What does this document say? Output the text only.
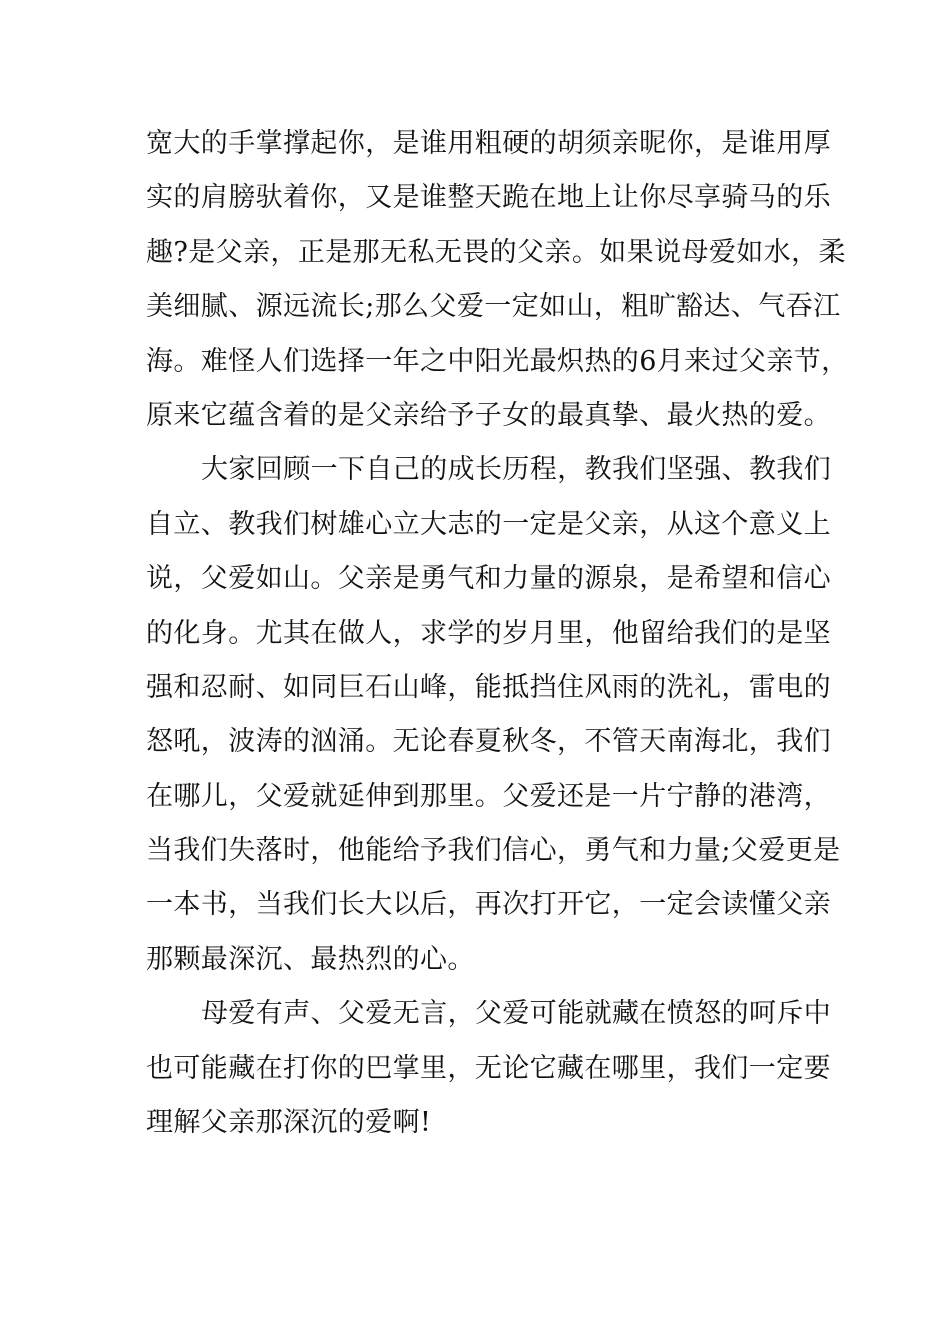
宽大的手掌撑起你，是谁用粗硬的胡须亲昵你，是谁用厚
实的肩膀驮着你，又是谁整天跪在地上让你尽享骑马的乐
趣?是父亲，正是那无私无畏的父亲。如果说母爱如水，柔
美细腻、源远流长;那么父爱一定如山，粗旷豁达、气吞江
海。难怪人们选择一年之中阳光最炽热的6月来过父亲节，
原来它蕴含着的是父亲给予子女的最真挚、最火热的爱。
大家回顾一下自己的成长历程，教我们坚强、教我们
自立、教我们树雄心立大志的一定是父亲，从这个意义上
说，父爱如山。父亲是勇气和力量的源泉，是希望和信心
的化身。尤其在做人，求学的岁月里，他留给我们的是坚
强和忍耐、如同巨石山峰，能抵挡住风雨的洗礼，雷电的
怒吼，波涛的汹涌。无论春夏秋冬，不管天南海北，我们
在哪儿，父爱就延伸到那里。父爱还是一片宁静的港湾，
当我们失落时，他能给予我们信心，勇气和力量;父爱更是
一本书，当我们长大以后，再次打开它，一定会读懂父亲
那颗最深沉、最热烈的心。
母爱有声、父爱无言，父爱可能就藏在愤怒的呵斥中
也可能藏在打你的巴掌里，无论它藏在哪里，我们一定要
理解父亲那深沉的爱啊!
